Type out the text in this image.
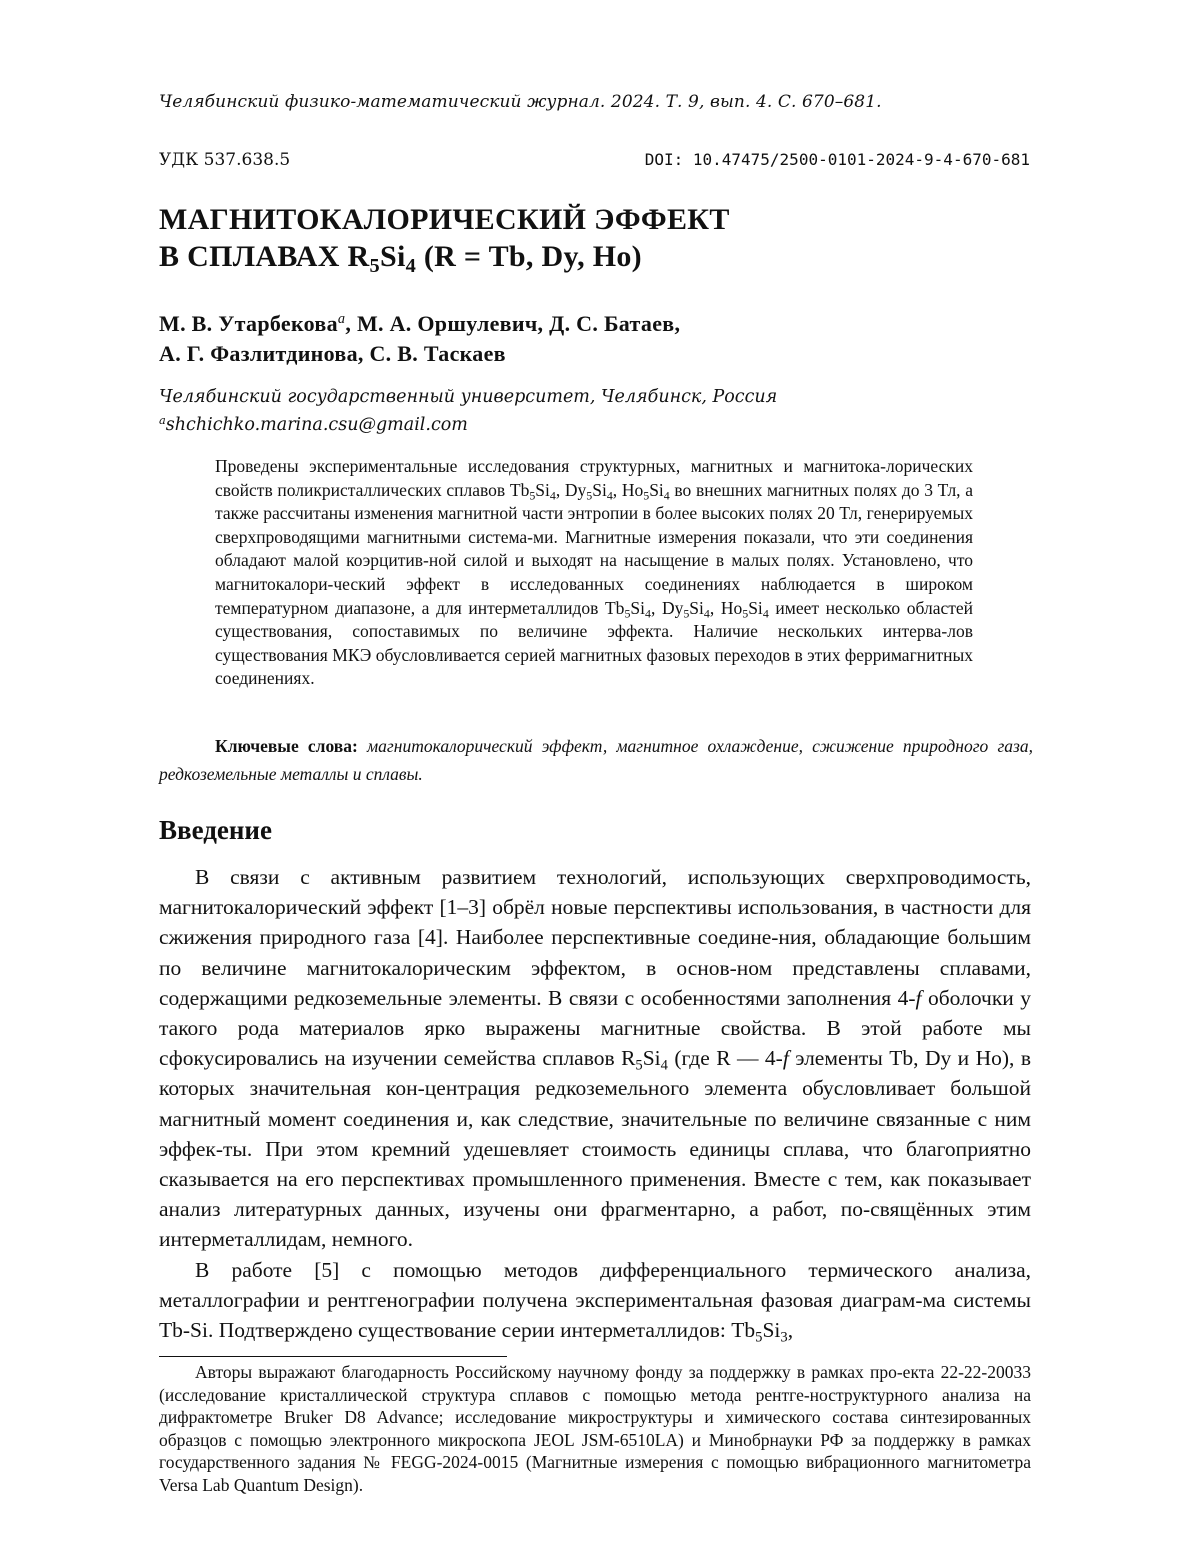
Челябинский физико-математический журнал. 2024. Т. 9, вып. 4. С. 670–681.
УДК 537.638.5	DOI: 10.47475/2500-0101-2024-9-4-670-681
МАГНИТОКАЛОРИЧЕСКИЙ ЭФФЕКТ
В СПЛАВАХ $R_5Si_4$ (R = Tb, Dy, Ho)
М. В. Утарбекова$^a$, М. А. Оршулевич, Д. С. Батаев,
А. Г. Фазлитдинова, С. В. Таскаев
Челябинский государственный университет, Челябинск, Россия
$^a$shchichko.marina.csu@gmail.com
Проведены экспериментальные исследования структурных, магнитных и магнитока-лорических свойств поликристаллических сплавов $Tb_5Si_4$, $Dy_5Si_4$, $Ho_5Si_4$ во внешних магнитных полях до 3 Тл, а также рассчитаны изменения магнитной части энтропии в более высоких полях 20 Тл, генерируемых сверхпроводящими магнитными система-ми. Магнитные измерения показали, что эти соединения обладают малой коэрцитив-ной силой и выходят на насыщение в малых полях. Установлено, что магнитокалори-ческий эффект в исследованных соединениях наблюдается в широком температурном диапазоне, а для интерметаллидов $Tb_5Si_4$, $Dy_5Si_4$, $Ho_5Si_4$ имеет несколько областей существования, сопоставимых по величине эффекта. Наличие нескольких интерва-лов существования МКЭ обусловливается серией магнитных фазовых переходов в этих ферримагнитных соединениях.
Ключевые слова: магнитокалорический эффект, магнитное охлаждение, сжижение природного газа, редкоземельные металлы и сплавы.
Введение

В связи с активным развитием технологий, использующих сверхпроводимость, магнитокалорический эффект [1–3] обрёл новые перспективы использования, в частности для сжижения природного газа [4]. Наиболее перспективные соедине-ния, обладающие большим по величине магнитокалорическим эффектом, в основ-ном представлены сплавами, содержащими редкоземельные элементы. В связи с особенностями заполнения 4-f оболочки у такого рода материалов ярко выражены магнитные свойства. В этой работе мы сфокусировались на изучении семейства сплавов $R_5Si_4$ (где R — 4-f элементы Tb, Dy и Ho), в которых значительная кон-центрация редкоземельного элемента обусловливает большой магнитный момент соединения и, как следствие, значительные по величине связанные с ним эффек-ты. При этом кремний удешевляет стоимость единицы сплава, что благоприятно сказывается на его перспективах промышленного применения. Вместе с тем, как показывает анализ литературных данных, изучены они фрагментарно, а работ, по-свящённых этим интерметаллидам, немного.

В работе [5] с помощью методов дифференциального термического анализа, металлографии и рентгенографии получена экспериментальная фазовая диаграм-ма системы Tb-Si. Подтверждено существование серии интерметаллидов: $Tb_5Si_3$,

Авторы выражают благодарность Российскому научному фонду за поддержку в рамках про-екта 22-22-20033 (исследование кристаллической структура сплавов с помощью метода рентге-ноструктурного анализа на дифрактометре Bruker D8 Advance; исследование микроструктуры и химического состава синтезированных образцов с помощью электронного микроскопа JEOL JSM-6510LA) и Минобрнауки РФ за поддержку в рамках государственного задания № FEGG-2024-0015 (Магнитные измерения с помощью вибрационного магнитометра Versa Lab Quantum Design).
